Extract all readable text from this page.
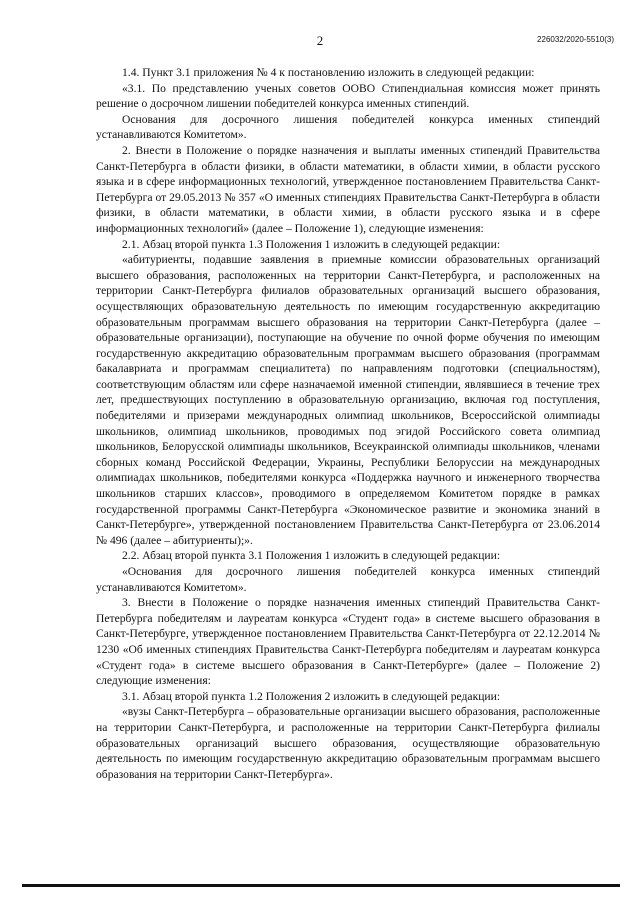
2	226032/2020-5510(3)

1.4. Пункт 3.1 приложения № 4 к постановлению изложить в следующей редакции:

«3.1. По представлению ученых советов ООВО Стипендиальная комиссия может принять решение о досрочном лишении победителей конкурса именных стипендий.

Основания для досрочного лишения победителей конкурса именных стипендий устанавливаются Комитетом».

2. Внести в Положение о порядке назначения и выплаты именных стипендий Правительства Санкт-Петербурга в области физики, в области математики, в области химии, в области русского языка и в сфере информационных технологий, утвержденное постановлением Правительства Санкт-Петербурга от 29.05.2013 № 357 «О именных стипендиях Правительства Санкт-Петербурга в области физики, в области математики, в области химии, в области русского языка и в сфере информационных технологий» (далее – Положение 1), следующие изменения:

2.1. Абзац второй пункта 1.3 Положения 1 изложить в следующей редакции:

«абитуриенты, подавшие заявления в приемные комиссии образовательных организаций высшего образования, расположенных на территории Санкт-Петербурга, и расположенных на территории Санкт-Петербурга филиалов образовательных организаций высшего образования, осуществляющих образовательную деятельность по имеющим государственную аккредитацию образовательным программам высшего образования на территории Санкт-Петербурга (далее – образовательные организации), поступающие на обучение по очной форме обучения по имеющим государственную аккредитацию образовательным программам высшего образования (программам бакалавриата и программам специалитета) по направлениям подготовки (специальностям), соответствующим областям или сфере назначаемой именной стипендии, являвшиеся в течение трех лет, предшествующих поступлению в образовательную организацию, включая год поступления, победителями и призерами международных олимпиад школьников, Всероссийской олимпиады школьников, олимпиад школьников, проводимых под эгидой Российского совета олимпиад школьников, Белорусской олимпиады школьников, Всеукраинской олимпиады школьников, членами сборных команд Российской Федерации, Украины, Республики Белоруссии на международных олимпиадах школьников, победителями конкурса «Поддержка научного и инженерного творчества школьников старших классов», проводимого в определяемом Комитетом порядке в рамках государственной программы Санкт-Петербурга «Экономическое развитие и экономика знаний в Санкт-Петербурге», утвержденной постановлением Правительства Санкт-Петербурга от 23.06.2014 № 496 (далее – абитуриенты);».

2.2. Абзац второй пункта 3.1 Положения 1 изложить в следующей редакции:

«Основания для досрочного лишения победителей конкурса именных стипендий устанавливаются Комитетом».

3. Внести в Положение о порядке назначения именных стипендий Правительства Санкт-Петербурга победителям и лауреатам конкурса «Студент года» в системе высшего образования в Санкт-Петербурге, утвержденное постановлением Правительства Санкт-Петербурга от 22.12.2014 № 1230 «Об именных стипендиях Правительства Санкт-Петербурга победителям и лауреатам конкурса «Студент года» в системе высшего образования в Санкт-Петербурге» (далее – Положение 2) следующие изменения:

3.1. Абзац второй пункта 1.2 Положения 2 изложить в следующей редакции:

«вузы Санкт-Петербурга – образовательные организации высшего образования, расположенные на территории Санкт-Петербурга, и расположенные на территории Санкт-Петербурга филиалы образовательных организаций высшего образования, осуществляющие образовательную деятельность по имеющим государственную аккредитацию образовательным программам высшего образования на территории Санкт-Петербурга».
